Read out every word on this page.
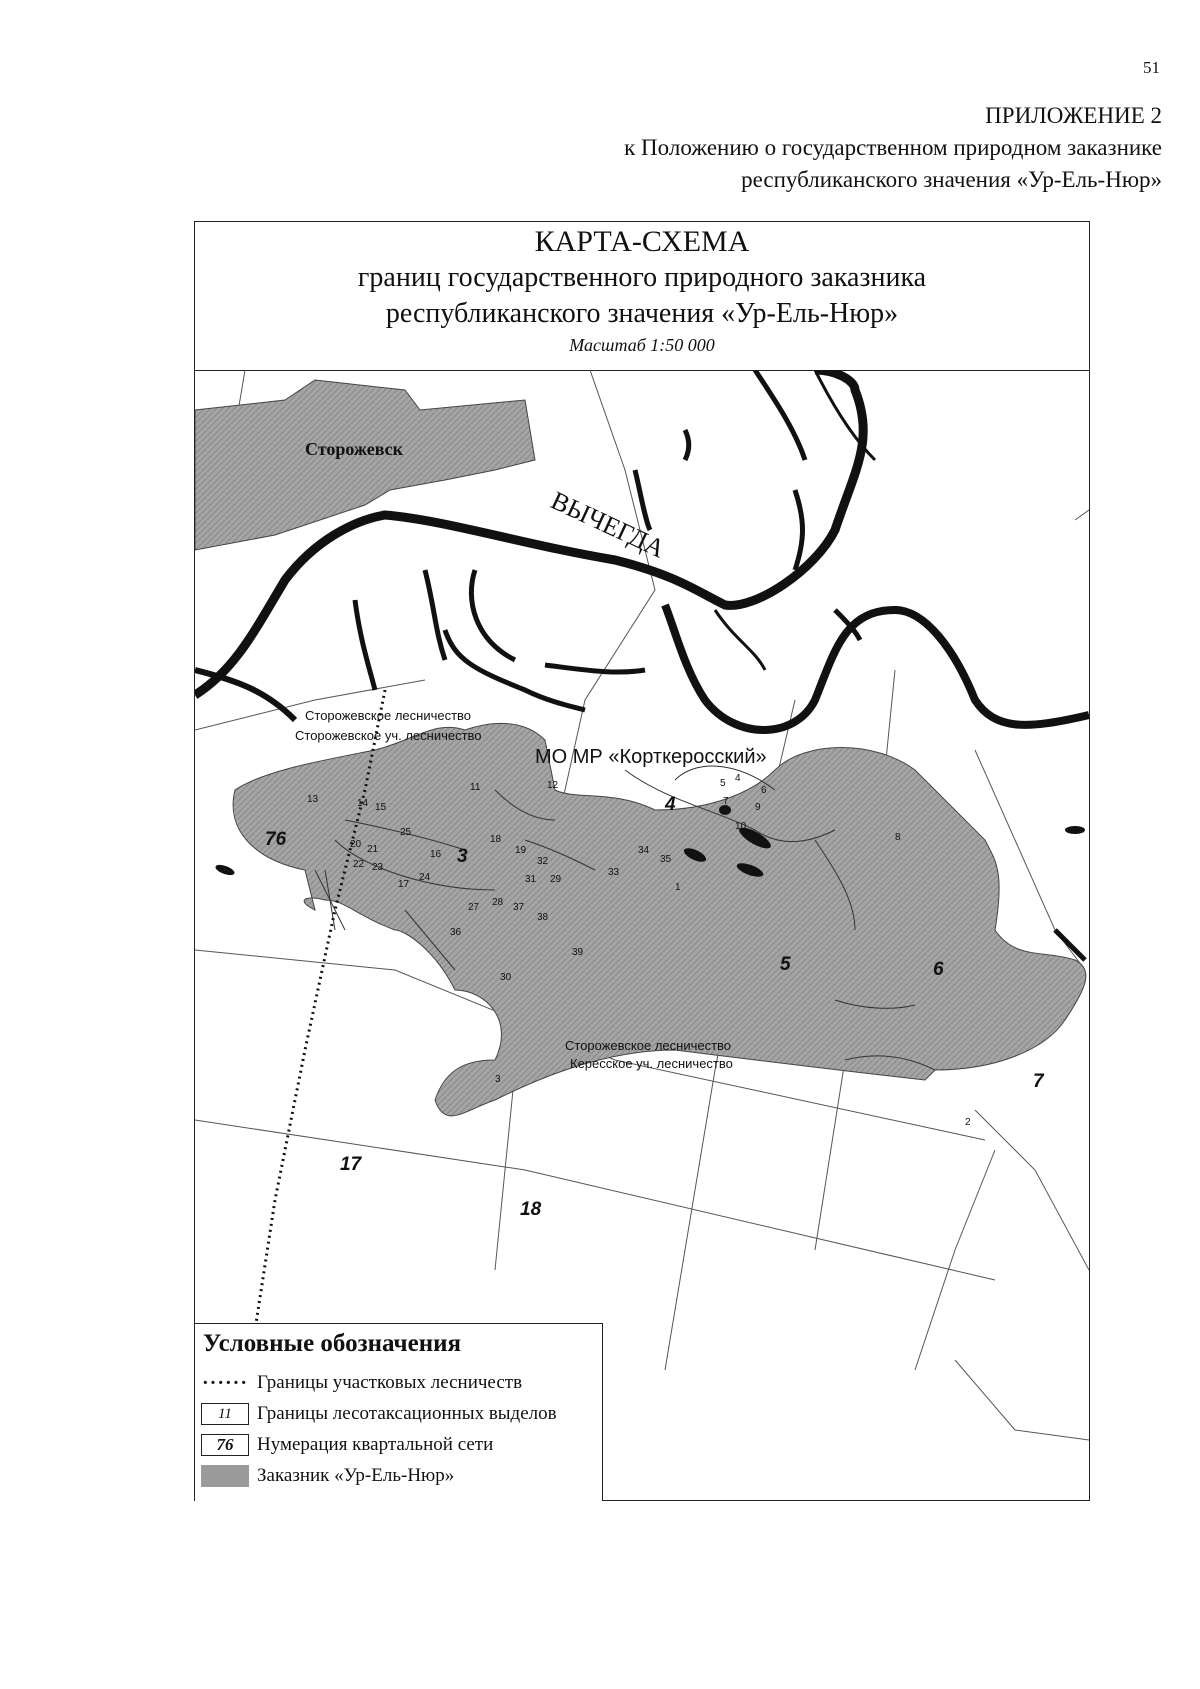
51
ПРИЛОЖЕНИЕ 2
к Положению о государственном природном заказнике
республиканского значения «Ур-Ель-Нюр»
КАРТА-СХЕМА
границ государственного природного заказника
республиканского значения «Ур-Ель-Нюр»
Масштаб 1:50 000
Сторожевск
ВЫЧЕГДА
Сторожевское лесничество
Сторожевское уч. лесничество
МО МР «Корткеросский»
Сторожевское лесничество
Кересское уч. лесничество
76
3
4
5	6
7
17
18
13	14 15
11	12
25
16
18
19
20 21
22 23
24
17
27 28 37
38
36
39
30
31 29
32
33
34
35
1
2
3
4
5
6
7
8
9
10
Условные обозначения
······ Границы участковых лесничеств
11	Границы лесотаксационных выделов
76	Нумерация квартальной сети
Заказник «Ур-Ель-Нюр»
